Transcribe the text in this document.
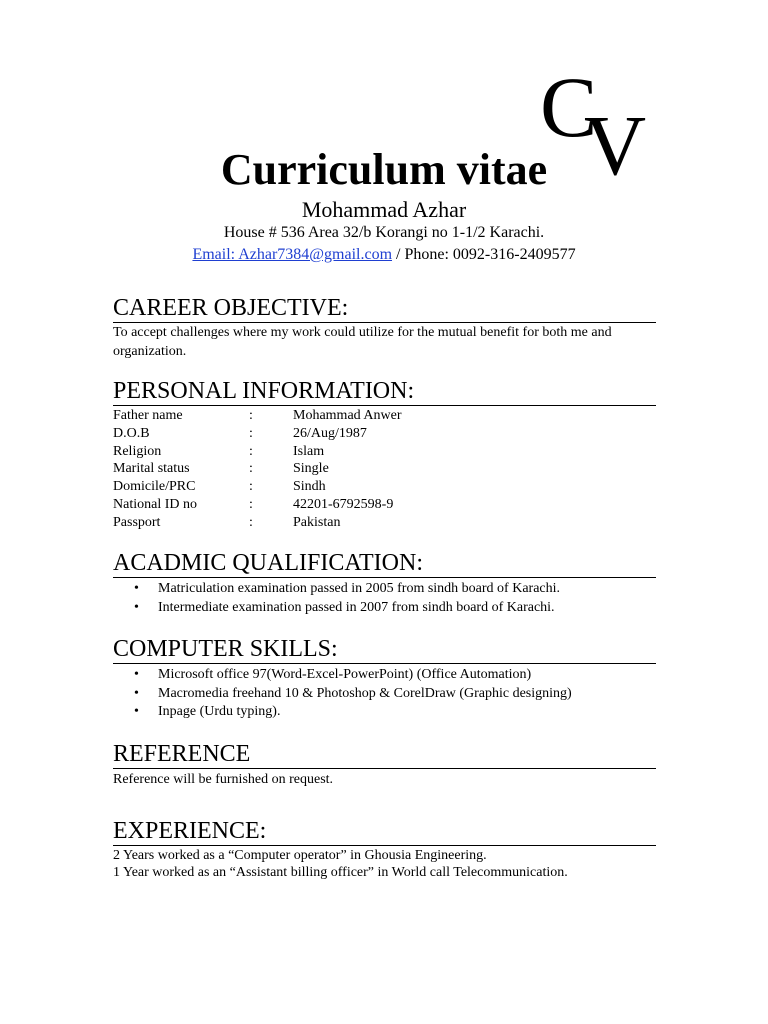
C
V
Curriculum vitae
Mohammad Azhar
House # 536 Area 32/b Korangi no 1-1/2 Karachi.
Email: Azhar7384@gmail.com / Phone: 0092-316-2409577
CAREER OBJECTIVE:
To accept challenges where my work could utilize for the mutual benefit for both me and organization.
PERSONAL INFORMATION:
Father name	:	Mohammad Anwer
D.O.B	:	26/Aug/1987
Religion	:	Islam
Marital status	:	Single
Domicile/PRC	:	Sindh
National ID no	:	42201-6792598-9
Passport	:	Pakistan
ACADMIC QUALIFICATION:
• Matriculation examination passed in 2005 from sindh board of Karachi.
• Intermediate examination passed in 2007 from sindh board of Karachi.
COMPUTER SKILLS:
• Microsoft office 97(Word-Excel-PowerPoint) (Office Automation)
• Macromedia freehand 10 & Photoshop & CorelDraw (Graphic designing)
• Inpage (Urdu typing).
REFERENCE
Reference will be furnished on request.
EXPERIENCE:
2 Years worked as a “Computer operator” in Ghousia Engineering.
1 Year worked as an “Assistant billing officer” in World call Telecommunication.
